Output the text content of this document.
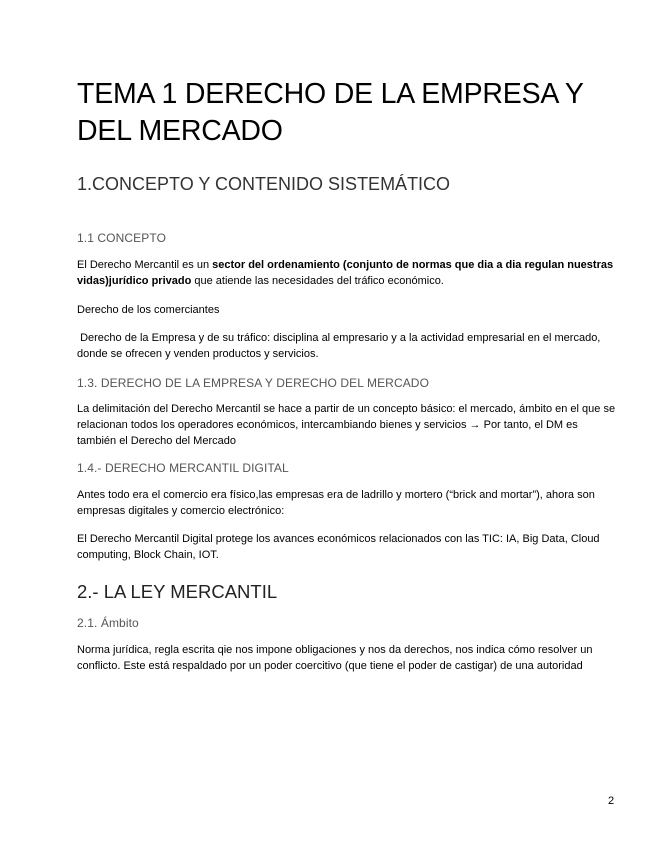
TEMA 1 DERECHO DE LA EMPRESA Y DEL MERCADO
1.CONCEPTO Y CONTENIDO SISTEMÁTICO
1.1 CONCEPTO

El Derecho Mercantil es un sector del ordenamiento (conjunto de normas que dia a dia regulan nuestras vidas)jurídico privado que atiende las necesidades del tráfico económico.

Derecho de los comerciantes

Derecho de la Empresa y de su tráfico: disciplina al empresario y a la actividad empresarial en el mercado, donde se ofrecen y venden productos y servicios.

1.3. DERECHO DE LA EMPRESA Y DERECHO DEL MERCADO

La delimitación del Derecho Mercantil se hace a partir de un concepto básico: el mercado, ámbito en el que se relacionan todos los operadores económicos, intercambiando bienes y servicios → Por tanto, el DM es también el Derecho del Mercado

1.4.- DERECHO MERCANTIL DIGITAL

Antes todo era el comercio era físico,las empresas era de ladrillo y mortero (“brick and mortar”), ahora son empresas digitales y comercio electrónico:

El Derecho Mercantil Digital protege los avances económicos relacionados con las TIC: IA, Big Data, Cloud computing, Block Chain, IOT.

2.- LA LEY MERCANTIL
2.1. Ámbito

Norma jurídica, regla escrita qie nos impone obligaciones y nos da derechos, nos indica cómo resolver un conflicto. Este está respaldado por un poder coercitivo (que tiene el poder de castigar) de una autoridad

2
